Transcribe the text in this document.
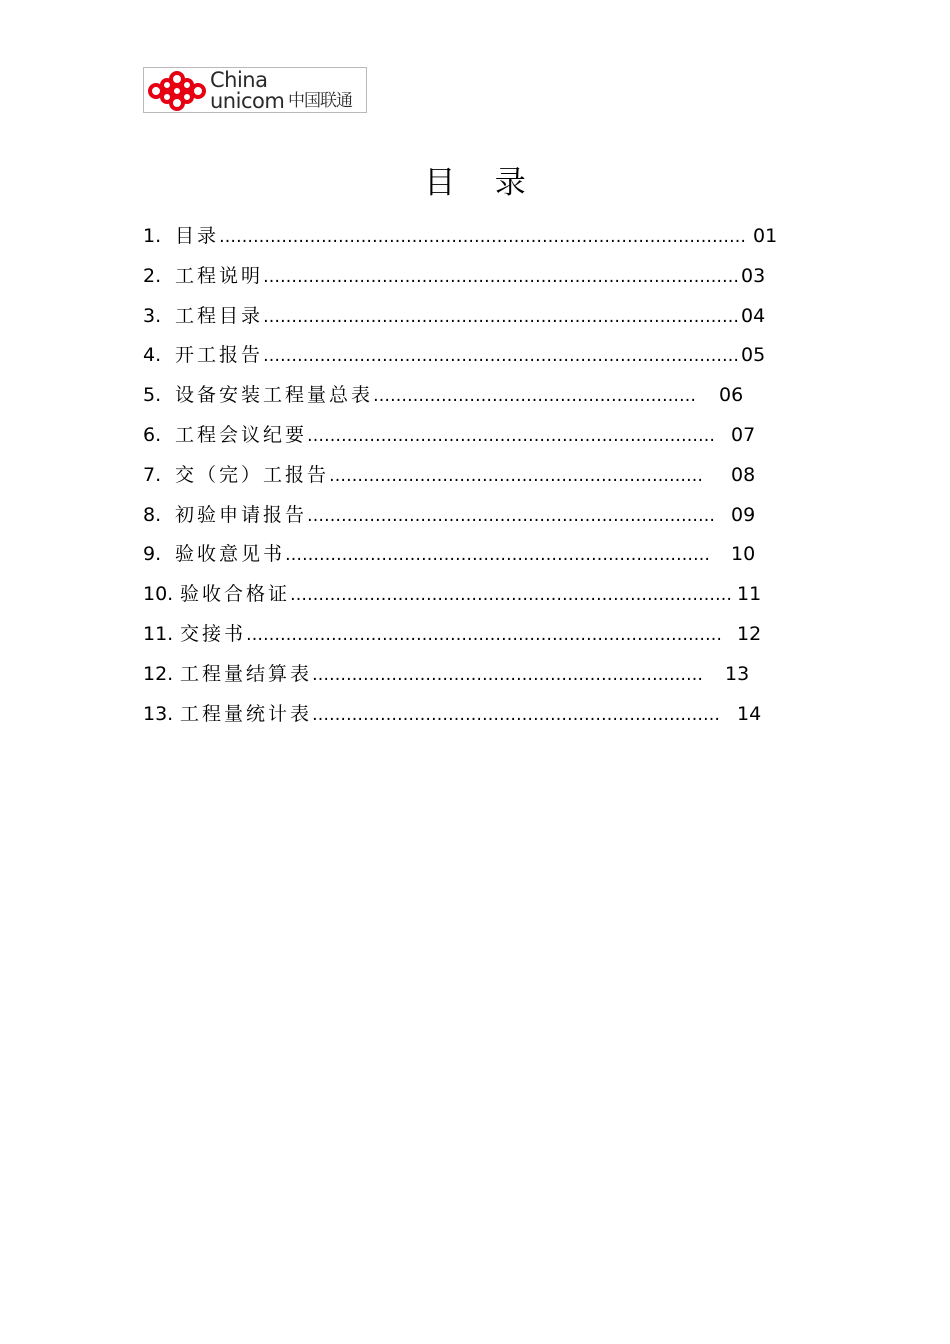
China
unicom 中国联通
目    录
1. 目录………………………………………………………………………………… 01
2. 工程说明………………………………………………………………………… 03
3. 工程目录………………………………………………………………………… 04
4. 开工报告………………………………………………………………………… 05
5. 设备安装工程量总表………………………………………………… 06
6. 工程会议纪要……………………………………………………………… 07
7. 交（完）工报告………………………………………………………… 08
8. 初验申请报告……………………………………………………………… 09
9. 验收意见书………………………………………………………………… 10
10. 验收合格证…………………………………………………………………… 11
11. 交接书………………………………………………………………………… 12
12. 工程量结算表…………………………………………………………… 13
13. 工程量统计表……………………………………………………………… 14
